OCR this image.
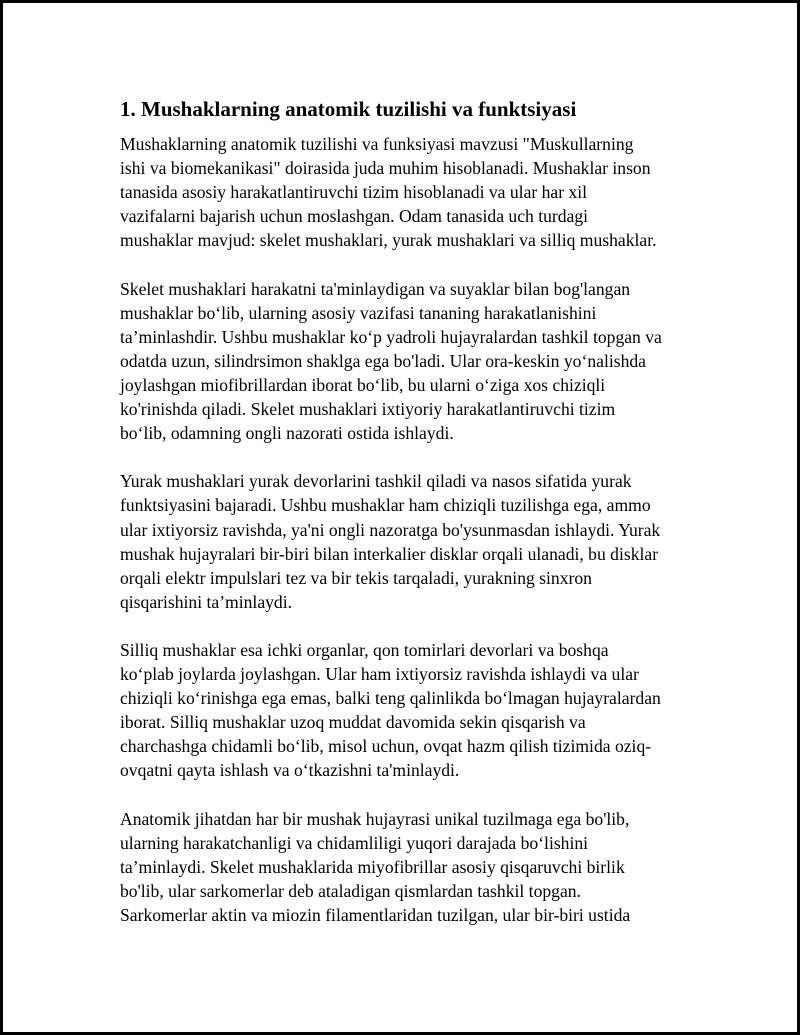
1. Mushaklarning anatomik tuzilishi va funktsiyasi

Mushaklarning anatomik tuzilishi va funksiyasi mavzusi "Muskullarning
ishi va biomekanikasi" doirasida juda muhim hisoblanadi. Mushaklar inson
tanasida asosiy harakatlantiruvchi tizim hisoblanadi va ular har xil
vazifalarni bajarish uchun moslashgan. Odam tanasida uch turdagi
mushaklar mavjud: skelet mushaklari, yurak mushaklari va silliq mushaklar.

Skelet mushaklari harakatni ta'minlaydigan va suyaklar bilan bog'langan
mushaklar bo‘lib, ularning asosiy vazifasi tananing harakatlanishini
ta’minlashdir. Ushbu mushaklar ko‘p yadroli hujayralardan tashkil topgan va
odatda uzun, silindrsimon shaklga ega bo'ladi. Ular ora-keskin yo‘nalishda
joylashgan miofibrillardan iborat bo‘lib, bu ularni o‘ziga xos chiziqli
ko'rinishda qiladi. Skelet mushaklari ixtiyoriy harakatlantiruvchi tizim
bo‘lib, odamning ongli nazorati ostida ishlaydi.

Yurak mushaklari yurak devorlarini tashkil qiladi va nasos sifatida yurak
funktsiyasini bajaradi. Ushbu mushaklar ham chiziqli tuzilishga ega, ammo
ular ixtiyorsiz ravishda, ya'ni ongli nazoratga bo'ysunmasdan ishlaydi. Yurak
mushak hujayralari bir-biri bilan interkalier disklar orqali ulanadi, bu disklar
orqali elektr impulslari tez va bir tekis tarqaladi, yurakning sinxron
qisqarishini ta’minlaydi.

Silliq mushaklar esa ichki organlar, qon tomirlari devorlari va boshqa
ko‘plab joylarda joylashgan. Ular ham ixtiyorsiz ravishda ishlaydi va ular
chiziqli ko‘rinishga ega emas, balki teng qalinlikda bo‘lmagan hujayralardan
iborat. Silliq mushaklar uzoq muddat davomida sekin qisqarish va
charchashga chidamli bo‘lib, misol uchun, ovqat hazm qilish tizimida oziq-
ovqatni qayta ishlash va o‘tkazishni ta'minlaydi.

Anatomik jihatdan har bir mushak hujayrasi unikal tuzilmaga ega bo'lib,
ularning harakatchanligi va chidamliligi yuqori darajada bo‘lishini
ta’minlaydi. Skelet mushaklarida miyofibrillar asosiy qisqaruvchi birlik
bo'lib, ular sarkomerlar deb ataladigan qismlardan tashkil topgan.
Sarkomerlar aktin va miozin filamentlaridan tuzilgan, ular bir-biri ustida
